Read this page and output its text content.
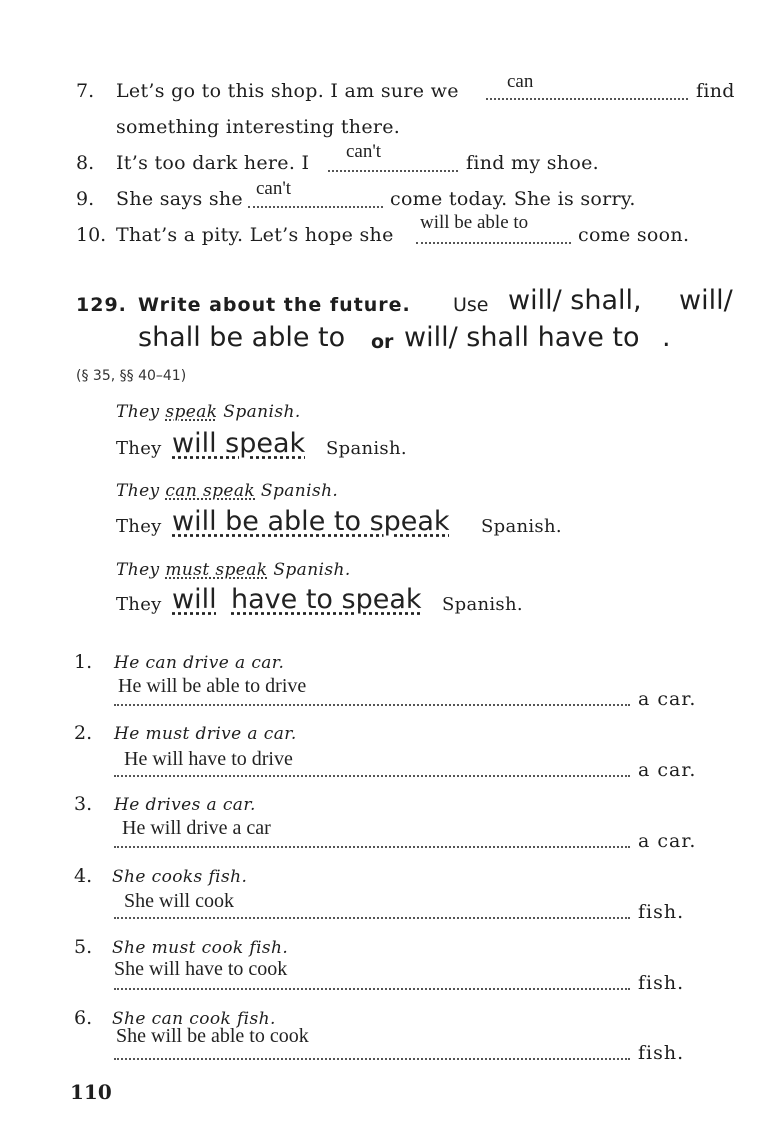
7. Let’s go to this shop. I am sure we	can	find
something interesting there.
8. It’s too dark here. I
can't
find my shoe.
9. She says she can't	come today. She is sorry.
10. That’s a pity. Let’s hope she
will be able to
come soon.
129. Write about the future. Use will/ shall, will/
shall be able to or will/ shall have to .
(§ 35, §§ 40–41)
They speak Spanish.
They will speak Spanish.
They can speak Spanish.
They will be able to speak Spanish.
They must speak Spanish.
They will have to speak Spanish.
1. He can drive a car.
He will be able to drive
a car.
2. He must drive a car.
He will have to drive	a car.
3. He drives a car.
He will drive a car
a car.
4. She cooks fish.
She will cook	fish.
5. She must cook fish.
She will have to cook
fish.
6. She can cook fish.
She will be able to cook
fish.
110
